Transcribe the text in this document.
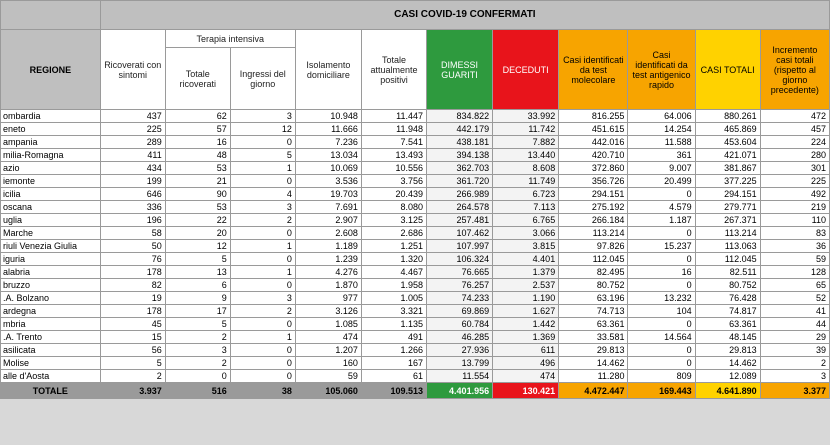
	CASI COVID-19 CONFERMATI										
REGIONE	Ricoverati con sintomi	Terapia intensiva		Isolamento domiciliare	Totale attualmente positivi	DIMESSI GUARITI	DECEDUTI	Casi identificati da test molecolare	Casi identificati da test antigenico rapido	CASI TOTALI	Incremento casi totali (rispetto al giorno precedente)
		Totale ricoverati	Ingressi del giorno								
ombardia	437	62	3	10.948	11.447	834.822	33.992	816.255	64.006	880.261	472
eneto	225	57	12	11.666	11.948	442.179	11.742	451.615	14.254	465.869	457
ampania	289	16	0	7.236	7.541	438.181	7.882	442.016	11.588	453.604	224
milia-Romagna	411	48	5	13.034	13.493	394.138	13.440	420.710	361	421.071	280
azio	434	53	1	10.069	10.556	362.703	8.608	372.860	9.007	381.867	301
iemonte	199	21	0	3.536	3.756	361.720	11.749	356.726	20.499	377.225	225
icilia	646	90	4	19.703	20.439	266.989	6.723	294.151	0	294.151	492
oscana	336	53	3	7.691	8.080	264.578	7.113	275.192	4.579	279.771	219
uglia	196	22	2	2.907	3.125	257.481	6.765	266.184	1.187	267.371	110
Marche	58	20	0	2.608	2.686	107.462	3.066	113.214	0	113.214	83
riuli Venezia Giulia	50	12	1	1.189	1.251	107.997	3.815	97.826	15.237	113.063	36
iguria	76	5	0	1.239	1.320	106.324	4.401	112.045	0	112.045	59
alabria	178	13	1	4.276	4.467	76.665	1.379	82.495	16	82.511	128
bruzzo	82	6	0	1.870	1.958	76.257	2.537	80.752	0	80.752	65
.A. Bolzano	19	9	3	977	1.005	74.233	1.190	63.196	13.232	76.428	52
ardegna	178	17	2	3.126	3.321	69.869	1.627	74.713	104	74.817	41
mbria	45	5	0	1.085	1.135	60.784	1.442	63.361	0	63.361	44
.A. Trento	15	2	1	474	491	46.285	1.369	33.581	14.564	48.145	29
asilicata	56	3	0	1.207	1.266	27.936	611	29.813	0	29.813	39
Molise	5	2	0	160	167	13.799	496	14.462	0	14.462	2
alle d'Aosta	2	0	0	59	61	11.554	474	11.280	809	12.089	3
TOTALE	3.937	516	38	105.060	109.513	4.401.956	130.421	4.472.447	169.443	4.641.890	3.377
